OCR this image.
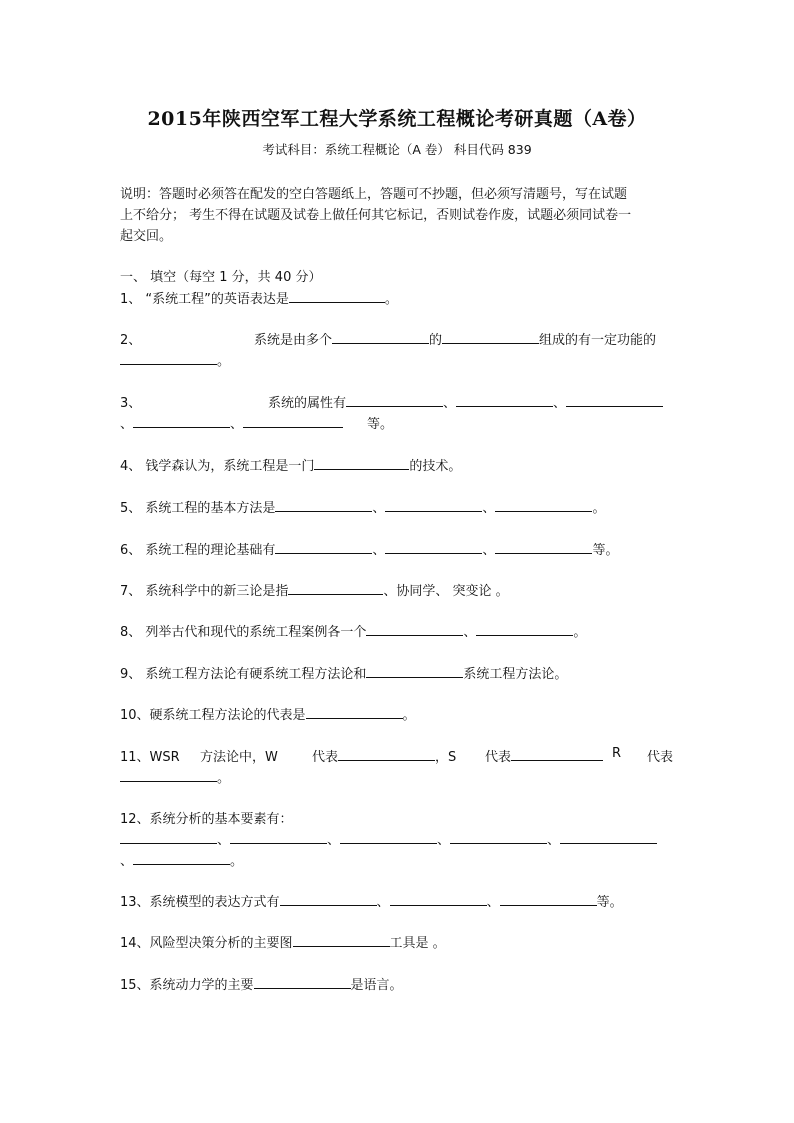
2015年陕西空军工程大学系统工程概论考研真题（A卷）
考试科目：系统工程概论（A 卷） 科目代码 839
说明：答题时必须答在配发的空白答题纸上，答题可不抄题，但必须写清题号，写在试题
上不给分； 考生不得在试题及试卷上做任何其它标记，否则试卷作废，试题必须同试卷一
起交回。
一、 填空（每空 1 分，共 40 分）
1、 “系统工程”的英语表达是	。
2、	系统是由多个	的	组成的有一定功能的
。
3、	系统的属性有	、	、
、	、	等。
4、 钱学森认为，系统工程是一门	的技术。
5、 系统工程的基本方法是	、	、	。
6、 系统工程的理论基础有	、	、	等。
7、 系统科学中的新三论是指	、协同学、 突变论 。
8、 列举古代和现代的系统工程案例各一个	、	。
9、 系统工程方法论有硬系统工程方法论和	系统工程方法论。
10、硬系统工程方法论的代表是	。
11、WSR 方法论中，W	代表	，S 代表	R 代表
。
12、系统分析的基本要素有：
、	、	、	、
、	。
13、系统模型的表达方式有	、	、	等。
14、风险型决策分析的主要图	工具是 。
15、系统动力学的主要	是语言。
